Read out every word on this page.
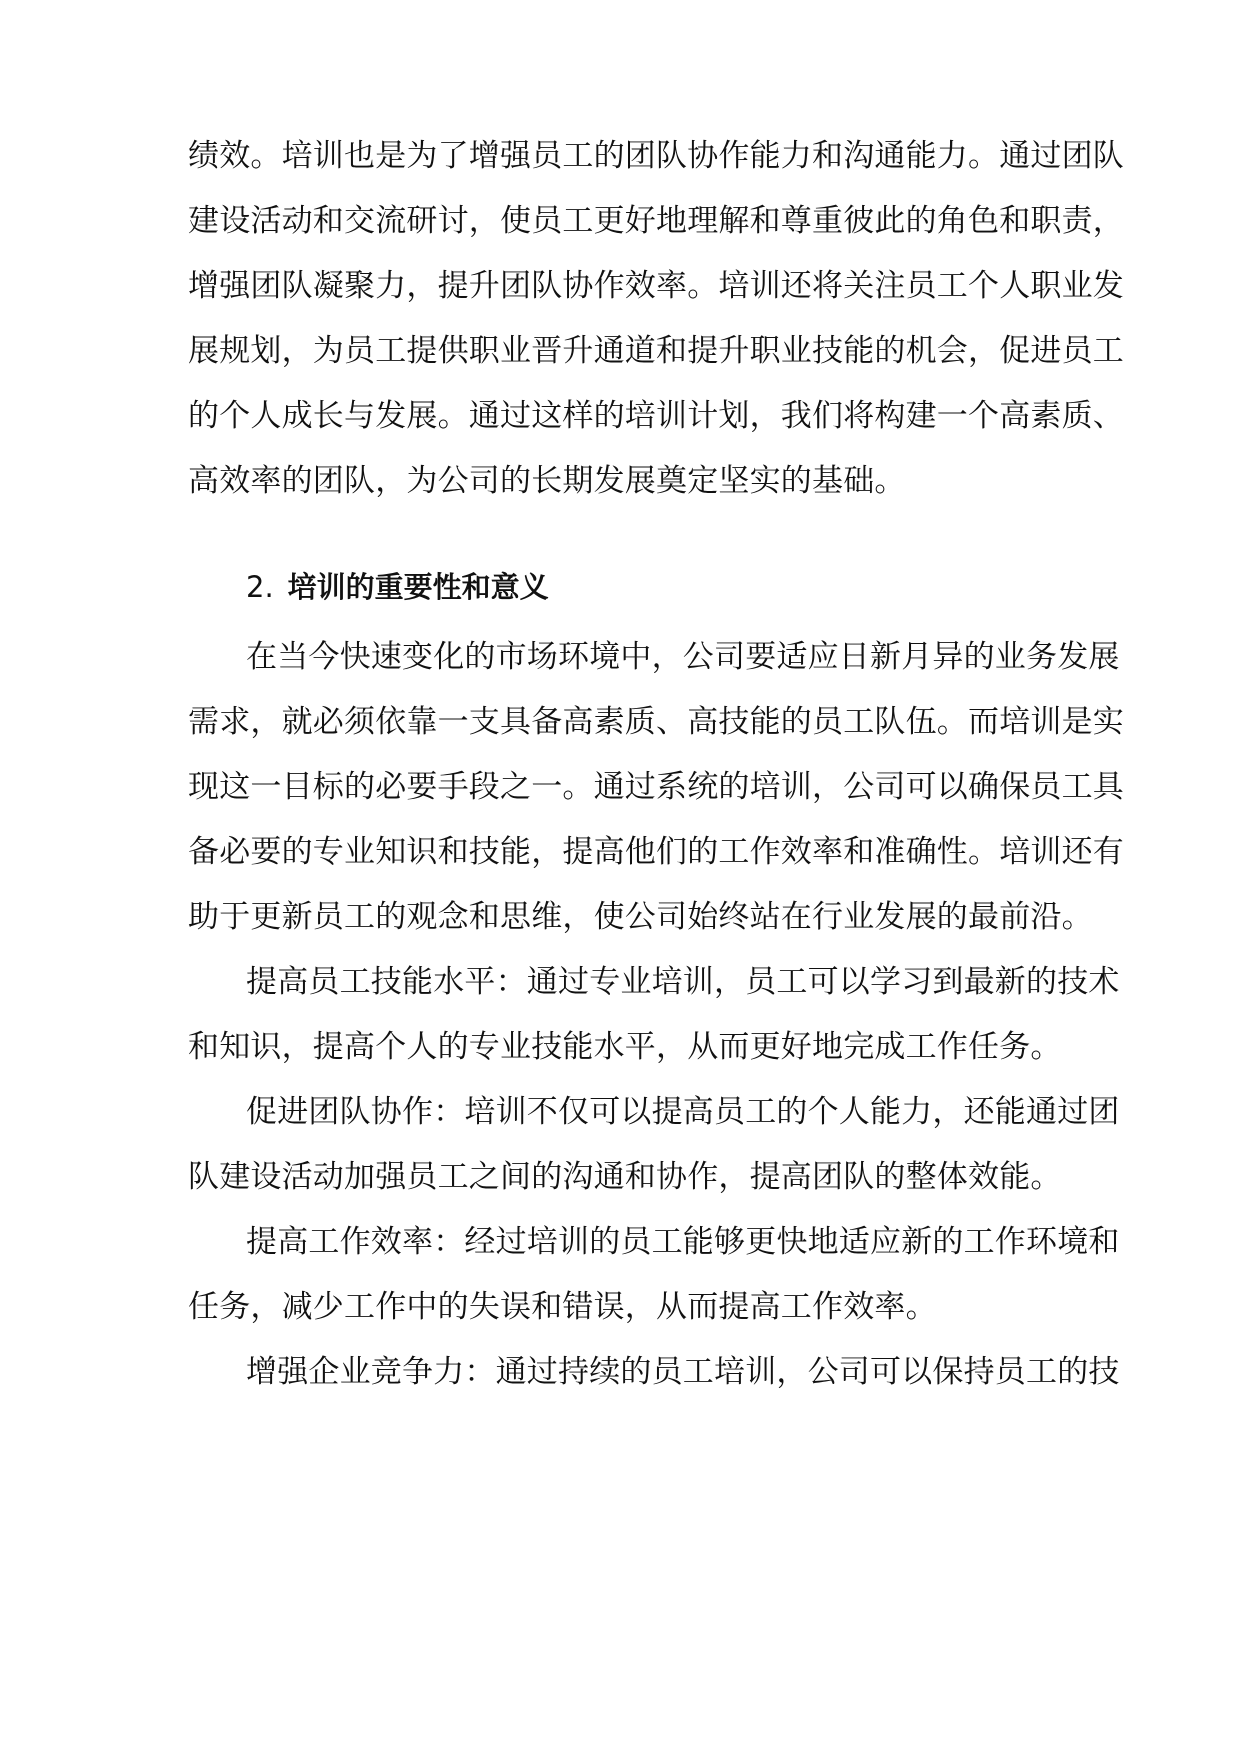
绩效。培训也是为了增强员工的团队协作能力和沟通能力。通过团队
建设活动和交流研讨，使员工更好地理解和尊重彼此的角色和职责，
增强团队凝聚力，提升团队协作效率。培训还将关注员工个人职业发
展规划，为员工提供职业晋升通道和提升职业技能的机会，促进员工
的个人成长与发展。通过这样的培训计划，我们将构建一个高素质、
高效率的团队，为公司的长期发展奠定坚实的基础。
2. 培训的重要性和意义
在当今快速变化的市场环境中，公司要适应日新月异的业务发展
需求，就必须依靠一支具备高素质、高技能的员工队伍。而培训是实
现这一目标的必要手段之一。通过系统的培训，公司可以确保员工具
备必要的专业知识和技能，提高他们的工作效率和准确性。培训还有
助于更新员工的观念和思维，使公司始终站在行业发展的最前沿。
提高员工技能水平：通过专业培训，员工可以学习到最新的技术
和知识，提高个人的专业技能水平，从而更好地完成工作任务。
促进团队协作：培训不仅可以提高员工的个人能力，还能通过团
队建设活动加强员工之间的沟通和协作，提高团队的整体效能。
提高工作效率：经过培训的员工能够更快地适应新的工作环境和
任务，减少工作中的失误和错误，从而提高工作效率。
增强企业竞争力：通过持续的员工培训，公司可以保持员工的技
